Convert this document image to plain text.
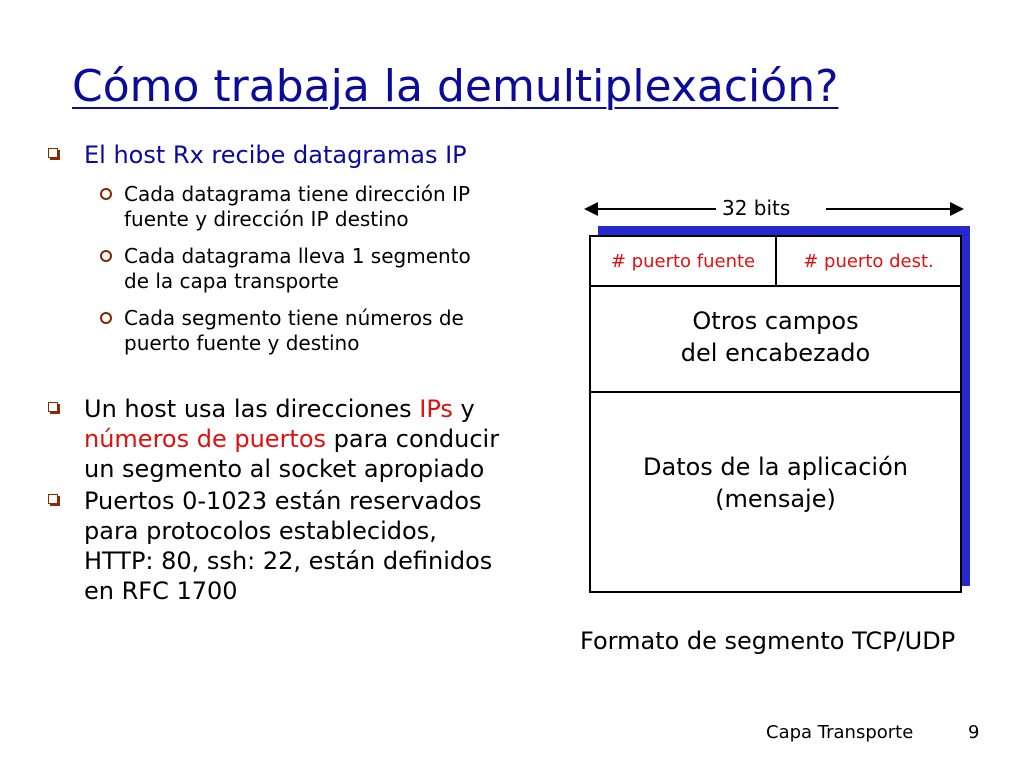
Cómo trabaja la demultiplexación?
El host Rx recibe datagramas IP
Cada datagrama tiene dirección IP
fuente y dirección IP destino
Cada datagrama lleva 1 segmento
de la capa transporte
Cada segmento tiene números de
puerto fuente y destino
Un host usa las direcciones IPs y
números de puertos para conducir
un segmento al socket apropiado
Puertos 0-1023 están reservados
para protocolos establecidos,
HTTP: 80, ssh: 22, están definidos
en RFC 1700
32 bits
# puerto fuente	# puerto dest.
Otros campos
del encabezado
Datos de la aplicación
(mensaje)
Formato de segmento TCP/UDP
Capa Transporte	9
